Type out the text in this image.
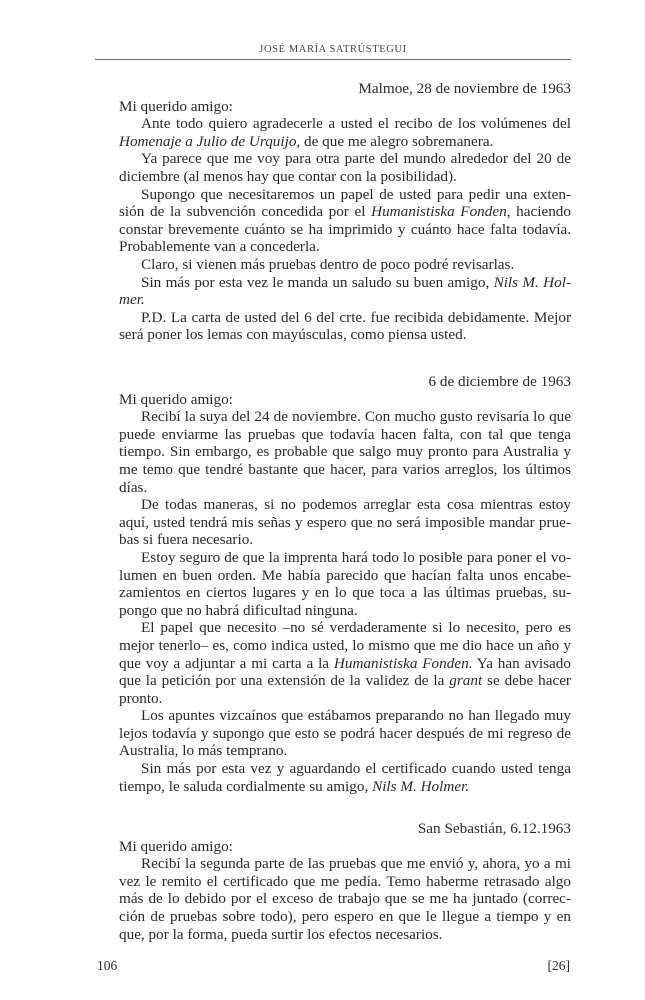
JOSÉ MARÍA SATRÚSTEGUI

Malmoe, 28 de noviembre de 1963

Mi querido amigo:

Ante todo quiero agradecerle a usted el recibo de los volúmenes del Homenaje a Julio de Urquijo, de que me alegro sobremanera.

Ya parece que me voy para otra parte del mundo alrededor del 20 de diciembre (al menos hay que contar con la posibilidad).

Supongo que necesitaremos un papel de usted para pedir una extensión de la subvención concedida por el Humanistiska Fonden, haciendo constar brevemente cuánto se ha imprimido y cuánto hace falta todavía. Probablemente van a concederla.

Claro, si vienen más pruebas dentro de poco podré revisarlas.

Sin más por esta vez le manda un saludo su buen amigo, Nils M. Holmer.

P.D. La carta de usted del 6 del crte. fue recibida debidamente. Mejor será poner los lemas con mayúsculas, como piensa usted.

6 de diciembre de 1963

Mi querido amigo:

Recibí la suya del 24 de noviembre. Con mucho gusto revisaría lo que puede enviarme las pruebas que todavía hacen falta, con tal que tenga tiempo. Sin embargo, es probable que salgo muy pronto para Australia y me temo que tendré bastante que hacer, para varios arreglos, los últimos días.

De todas maneras, si no podemos arreglar esta cosa mientras estoy aquí, usted tendrá mis señas y espero que no será imposible mandar pruebas si fuera necesario.

Estoy seguro de que la imprenta hará todo lo posible para poner el volumen en buen orden. Me había parecido que hacían falta unos encabezamientos en ciertos lugares y en lo que toca a las últimas pruebas, supongo que no habrá dificultad ninguna.

El papel que necesito –no sé verdaderamente si lo necesito, pero es mejor tenerlo– es, como indica usted, lo mismo que me dio hace un año y que voy a adjuntar a mi carta a la Humanistiska Fonden. Ya han avisado que la petición por una extensión de la validez de la grant se debe hacer pronto.

Los apuntes vizcaínos que estábamos preparando no han llegado muy lejos todavía y supongo que esto se podrá hacer después de mi regreso de Australia, lo más temprano.

Sin más por esta vez y aguardando el certificado cuando usted tenga tiempo, le saluda cordialmente su amigo, Nils M. Holmer.

San Sebastián, 6.12.1963

Mi querido amigo:

Recibí la segunda parte de las pruebas que me envió y, ahora, yo a mi vez le remito el certificado que me pedía. Temo haberme retrasado algo más de lo debido por el exceso de trabajo que se me ha juntado (corrección de pruebas sobre todo), pero espero en que le llegue a tiempo y en que, por la forma, pueda surtir los efectos necesarios.

106	[26]
